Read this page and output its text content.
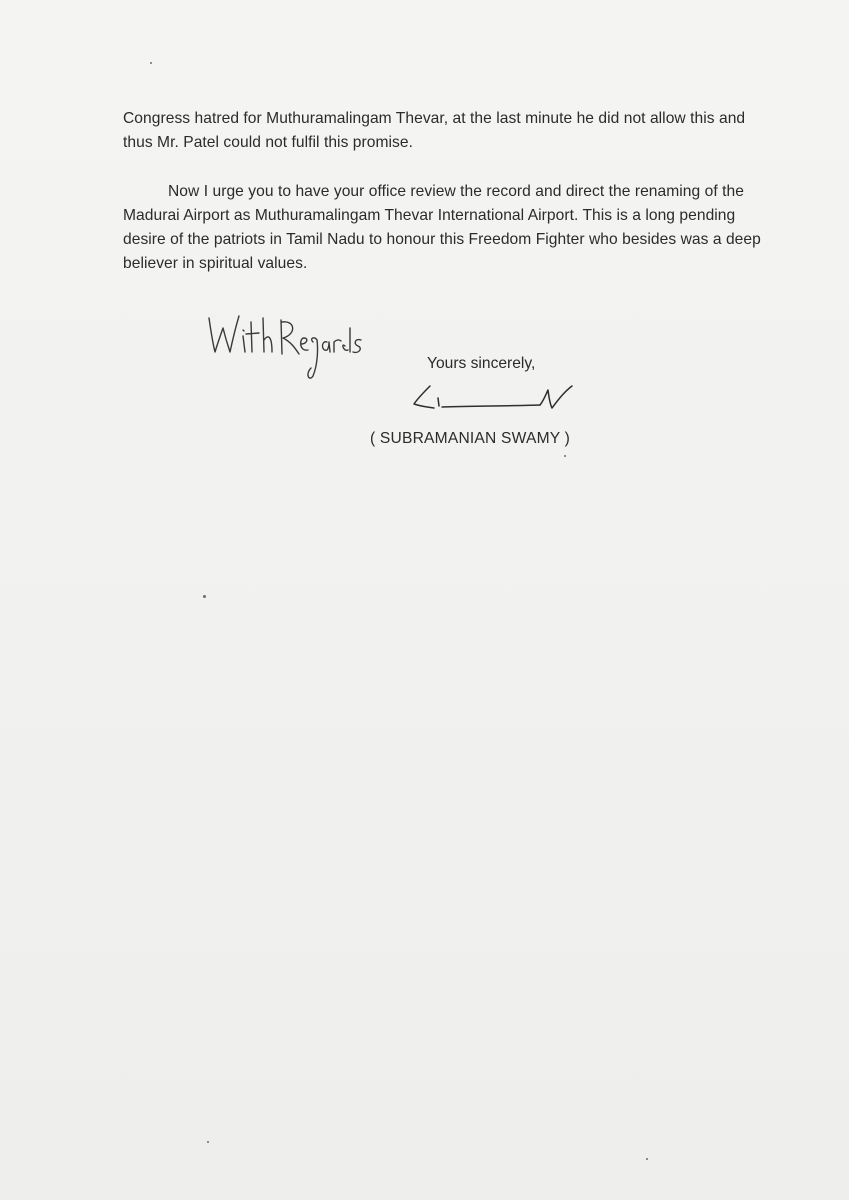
Congress hatred for Muthuramalingam Thevar, at the last minute he did not allow this and thus Mr. Patel could not fulfil this promise.

Now I urge you to have your office review the record and direct the renaming of the Madurai Airport as Muthuramalingam Thevar International Airport. This is a long pending desire of the patriots in Tamil Nadu to honour this Freedom Fighter who besides was a deep believer in spiritual values.

Yours sincerely,
( SUBRAMANIAN SWAMY )
